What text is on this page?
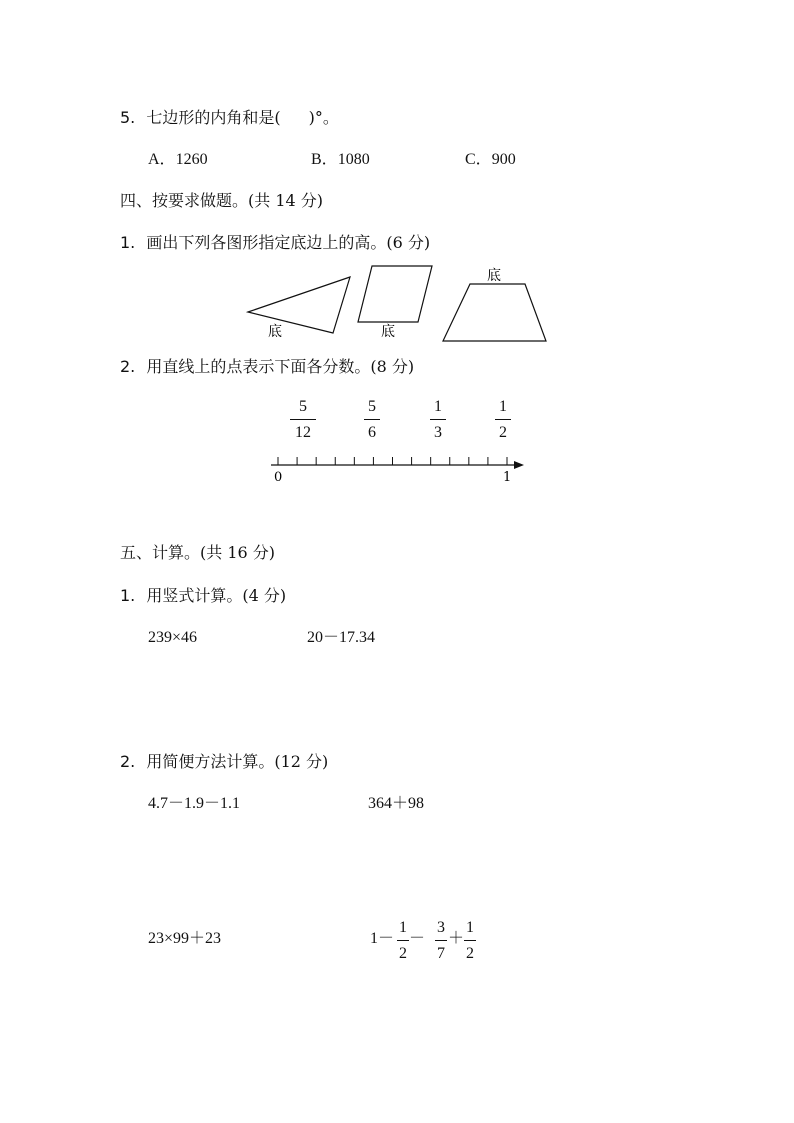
5. 七边形的内角和是( )°。
A．1260	B．1080	C．900
四、按要求做题。(共 14 分)
1. 画出下列各图形指定底边上的高。(6 分)
底	底
底
2. 用直线上的点表示下面各分数。(8 分)
5
12
5
6
1
3
1
2
0	1
五、计算。(共 16 分)
1. 用竖式计算。(4 分)
239×46	20－17.34
2. 用简便方法计算。(12 分)
4.7－1.9－1.1	364＋98
23×99＋23	1－
1
2
－
3
7
＋
1
2
